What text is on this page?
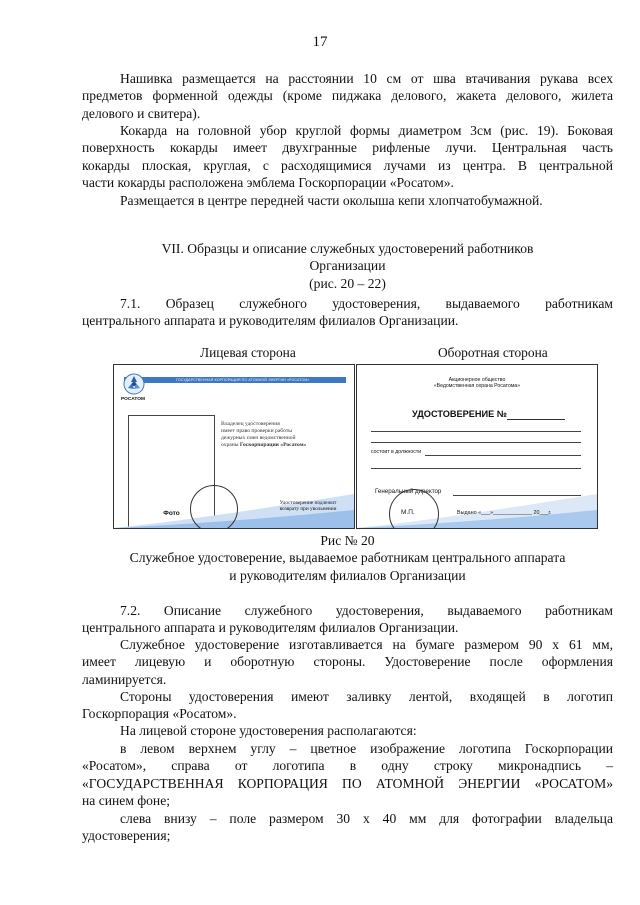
17

Нашивка размещается на расстоянии 10 см от шва втачивания рукава всех

предметов форменной одежды (кроме пиджака делового, жакета делового, жилета

делового и свитера).

Кокарда на головной убор круглой формы диаметром 3см (рис. 19). Боковая

поверхность кокарды имеет двухгранные рифленые лучи. Центральная часть

кокарды плоская, круглая, с расходящимися лучами из центра. В центральной

части кокарды расположена эмблема Госкорпорации «Росатом».

Размещается в центре передней части околыша кепи хлопчатобумажной.

VII. Образцы и описание служебных удостоверений работников

Организации

(рис. 20 – 22)

7.1. Образец служебного удостоверения, выдаваемого работникам

центрального аппарата и руководителям филиалов Организации.

Лицевая сторона	Оборотная сторона
ГОСУДАРСТВЕННАЯ КОРПОРАЦИЯ ПО АТОМНОЙ ЭНЕРГИИ «РОСАТОМ»
РОСАТОМ
Фото
Владелец удостоверения
имеет право проверки работы
дежурных смен ведомственной
охраны Госкорпорации «Росатом»
Удостоверение подлежит
возврату при увольнении
Акционерное общество
«Ведомственная охрана Росатома»
УДОСТОВЕРЕНИЕ №
состоит в должности
Генеральный директор
М.П.	Выдано «___»_____________ 20___г.

Рис № 20

Служебное удостоверение, выдаваемое работникам центрального аппарата

и руководителям филиалов Организации

7.2. Описание служебного удостоверения, выдаваемого работникам

центрального аппарата и руководителям филиалов Организации.

Служебное удостоверение изготавливается на бумаге размером 90 х 61 мм,

имеет лицевую и оборотную стороны. Удостоверение после оформления

ламинируется.

Стороны удостоверения имеют заливку лентой, входящей в логотип

Госкорпорация «Росатом».

На лицевой стороне удостоверения располагаются:

в левом верхнем углу – цветное изображение логотипа Госкорпорации

«Росатом», справа от логотипа в одну строку микронадпись –

«ГОСУДАРСТВЕННАЯ КОРПОРАЦИЯ ПО АТОМНОЙ ЭНЕРГИИ «РОСАТОМ»

на синем фоне;

слева внизу – поле размером 30 х 40 мм для фотографии владельца

удостоверения;
